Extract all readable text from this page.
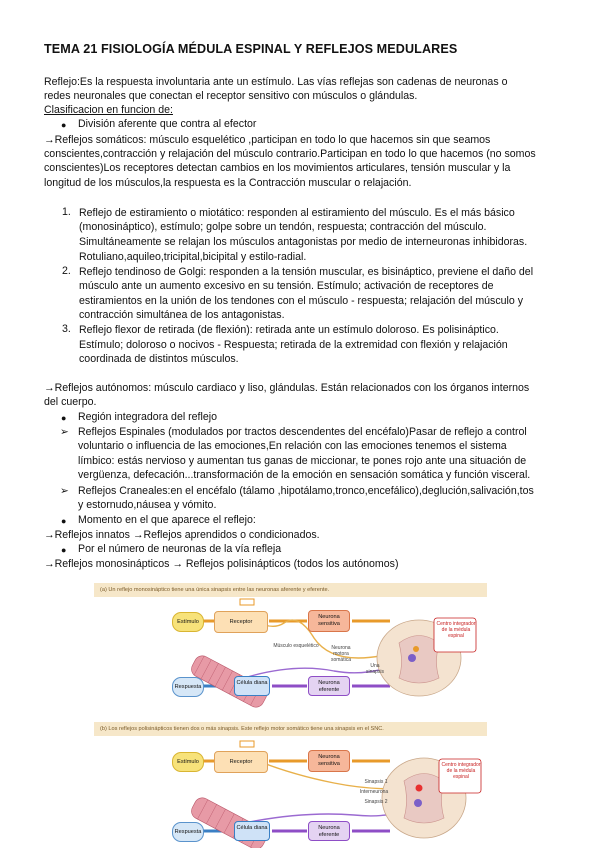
TEMA 21 FISIOLOGÍA MÉDULA ESPINAL Y REFLEJOS MEDULARES
Reflejo:Es la respuesta involuntaria ante un estímulo. Las vías reflejas son cadenas de neuronas o
redes neuronales que conectan el receptor sensitivo con músculos o glándulas.
Clasificacion en funcion de:
● División aferente que contra al efector
→Reflejos somáticos: músculo esquelético ,participan en todo lo que hacemos sin que seamos
conscientes,contracción y relajación del músculo contrario.Participan en todo lo que hacemos (no somos
conscientes)Los receptores detectan cambios en los movimientos articulares, tensión muscular y la
longitud de los músculos,la respuesta es la Contracción muscular o relajación.
1. Reflejo de estiramiento o miotático: responden al estiramiento del músculo. Es el más básico
(monosináptico), estímulo; golpe sobre un tendón, respuesta; contracción del músculo.
Simultáneamente se relajan los músculos antagonistas por medio de interneuronas inhibidoras.
Rotuliano,aquileo,tricipital,bicipital y estilo-radial.
2. Reflejo tendinoso de Golgi: responden a la tensión muscular, es bisináptico, previene el daño del
músculo ante un aumento excesivo en su tensión. Estímulo; activación de receptores de
estiramientos en la unión de los tendones con el músculo - respuesta; relajación del músculo y
contracción simultánea de los antagonistas.
3. Reflejo flexor de retirada (de flexión): retirada ante un estímulo doloroso. Es polisináptico.
Estímulo; doloroso o nocivos - Respuesta; retirada de la extremidad con flexión y relajación
coordinada de distintos músculos.
→Reflejos autónomos: músculo cardiaco y liso, glándulas. Están relacionados con los órganos internos
del cuerpo.
● Región integradora del reflejo
➢ Reflejos Espinales (modulados por tractos descendentes del encéfalo)Pasar de reflejo a control
voluntario o influencia de las emociones,En relación con las emociones tenemos el sistema
límbico: estás nervioso y aumentan tus ganas de miccionar, te pones rojo ante una situación de
vergüenza, defecación...transformación de la emoción en sensación somática y función visceral.
➢ Reflejos Craneales:en el encéfalo (tálamo ,hipotálamo,tronco,encefálico),deglución,salivación,tos
y estornudo,náusea y vómito.
● Momento en el que aparece el reflejo:
→Reflejos innatos →Reflejos aprendidos o condicionados.
● Por el número de neuronas de la vía refleja
→Reflejos monosinápticos → Reflejos polisinápticos (todos los autónomos)
(a) Un reflejo monosináptico tiene una única sinapsis entre las neuronas aferente y eferente.
Estímulo	Receptor
Neurona sensitiva
Músculo esquelético	Neurona motora somática
Una sinapsis
Centro integrador de la médula espinal
Respuesta
Célula diana	Neurona eferente
(b) Los reflejos polisinápticos tienen dos o más sinapsis. Este reflejo motor somático tiene una sinapsis en el SNC.
Estímulo	Receptor
Neurona sensitiva
Sinapsis 1
Interneurona
Sinapsis 2
Centro integrador de la médula espinal
Respuesta
Célula diana	Neurona eferente
